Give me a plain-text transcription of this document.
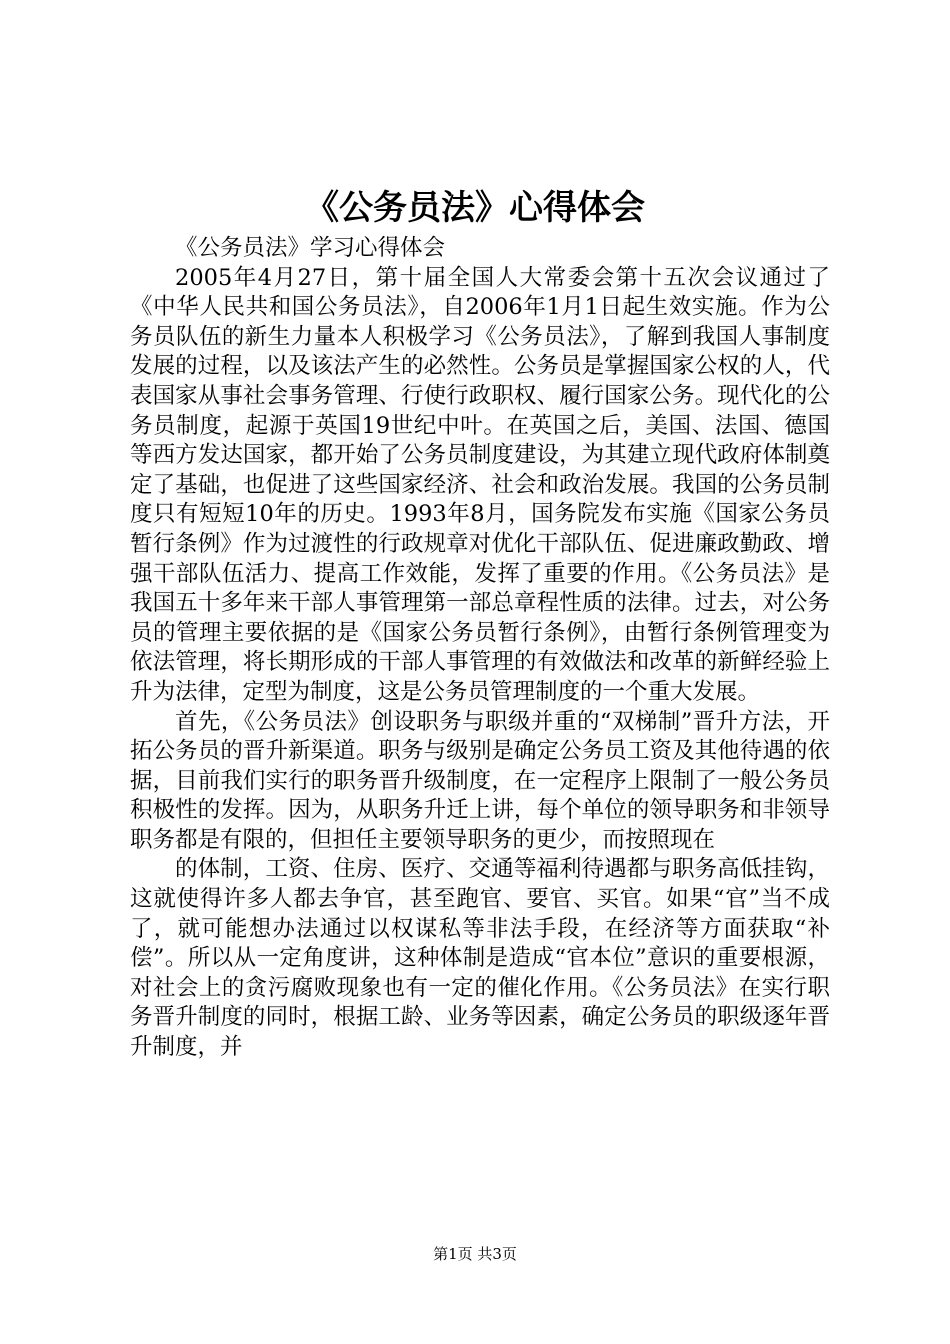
《公务员法》心得体会

《公务员法》学习心得体会

2005年4月27日，第十届全国人大常委会第十五次会议通过了《中华人民共和国公务员法》，自2006年1月1日起生效实施。作为公务员队伍的新生力量本人积极学习《公务员法》，了解到我国人事制度发展的过程，以及该法产生的必然性。公务员是掌握国家公权的人，代表国家从事社会事务管理、行使行政职权、履行国家公务。现代化的公务员制度，起源于英国19世纪中叶。在英国之后，美国、法国、德国等西方发达国家，都开始了公务员制度建设，为其建立现代政府体制奠定了基础，也促进了这些国家经济、社会和政治发展。我国的公务员制度只有短短10年的历史。1993年8月，国务院发布实施《国家公务员暂行条例》作为过渡性的行政规章对优化干部队伍、促进廉政勤政、增强干部队伍活力、提高工作效能，发挥了重要的作用。《公务员法》是我国五十多年来干部人事管理第一部总章程性质的法律。过去，对公务员的管理主要依据的是《国家公务员暂行条例》，由暂行条例管理变为依法管理，将长期形成的干部人事管理的有效做法和改革的新鲜经验上升为法律，定型为制度，这是公务员管理制度的一个重大发展。

首先，《公务员法》创设职务与职级并重的“双梯制”晋升方法，开拓公务员的晋升新渠道。职务与级别是确定公务员工资及其他待遇的依据，目前我们实行的职务晋升级制度，在一定程序上限制了一般公务员积极性的发挥。因为，从职务升迁上讲，每个单位的领导职务和非领导职务都是有限的，但担任主要领导职务的更少，而按照现在

的体制，工资、住房、医疗、交通等福利待遇都与职务高低挂钩，这就使得许多人都去争官，甚至跑官、要官、买官。如果“官”当不成了，就可能想办法通过以权谋私等非法手段，在经济等方面获取“补偿”。所以从一定角度讲，这种体制是造成“官本位”意识的重要根源，对社会上的贪污腐败现象也有一定的催化作用。《公务员法》在实行职务晋升制度的同时，根据工龄、业务等因素，确定公务员的职级逐年晋升制度，并

第1页 共3页
